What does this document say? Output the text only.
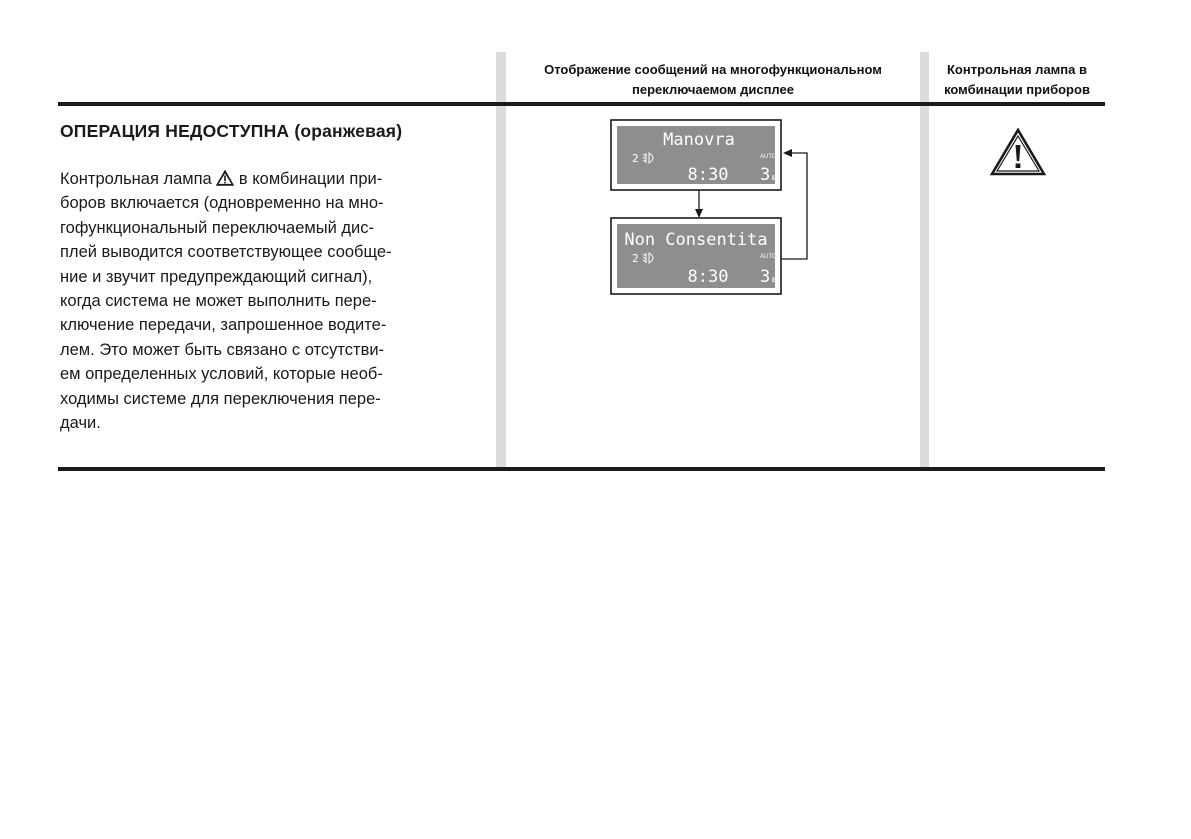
Отображение сообщений на многофункциональном
переключаемом дисплее
Контрольная лампа в
комбинации приборов
ОПЕРАЦИЯ НЕДОСТУПНА (оранжевая)
Контрольная лампа  в комбинации при-
боров включается (одновременно на мно-
гофункциональный переключаемый дис-
плей выводится соответствующее сообще-
ние и звучит предупреждающий сигнал),
когда система не может выполнить пере-
ключение передачи, запрошенное водите-
лем. Это может быть связано с отсутстви-
ем определенных условий, которые необ-
ходимы системе для переключения пере-
дачи.
Manovra
2	AUTO
8:30 3 E
Non Consentita
2	AUTO
8:30 3 E
